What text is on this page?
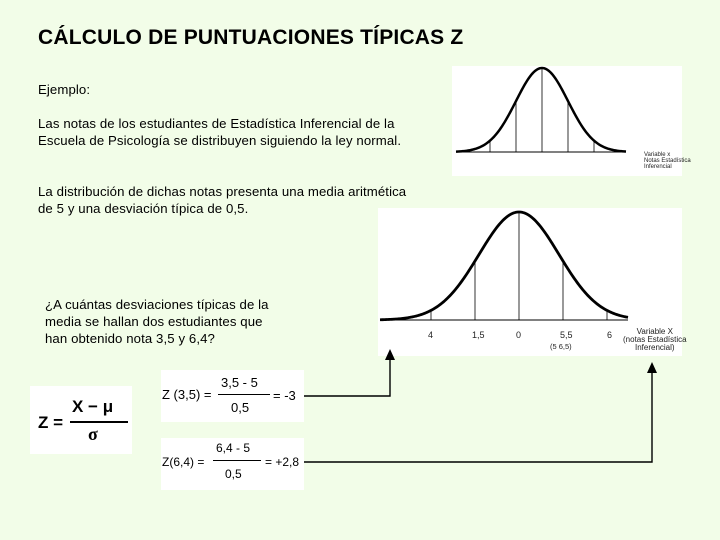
CÁLCULO DE PUNTUACIONES TÍPICAS Z
Ejemplo:
Las notas de los estudiantes de Estadística Inferencial de la
Escuela de Psicología se distribuyen siguiendo la ley normal.
La distribución de dichas notas presenta una media aritmética
de 5 y una desviación típica de 0,5.
¿A cuántas desviaciones típicas de la
media se hallan dos estudiantes que
han obtenido nota 3,5 y 6,4?
Variable x
Notas Estadística
Inferencial
4	1,5	0	5,5
(5 6,5)
6	Variable X
(notas Estadística
Inferencial)
Z =
X − μ
σ
Z (3,5) =
3,5 - 5
0,5
= -3
Z(6,4) =
6,4 - 5
0,5
= +2,8
